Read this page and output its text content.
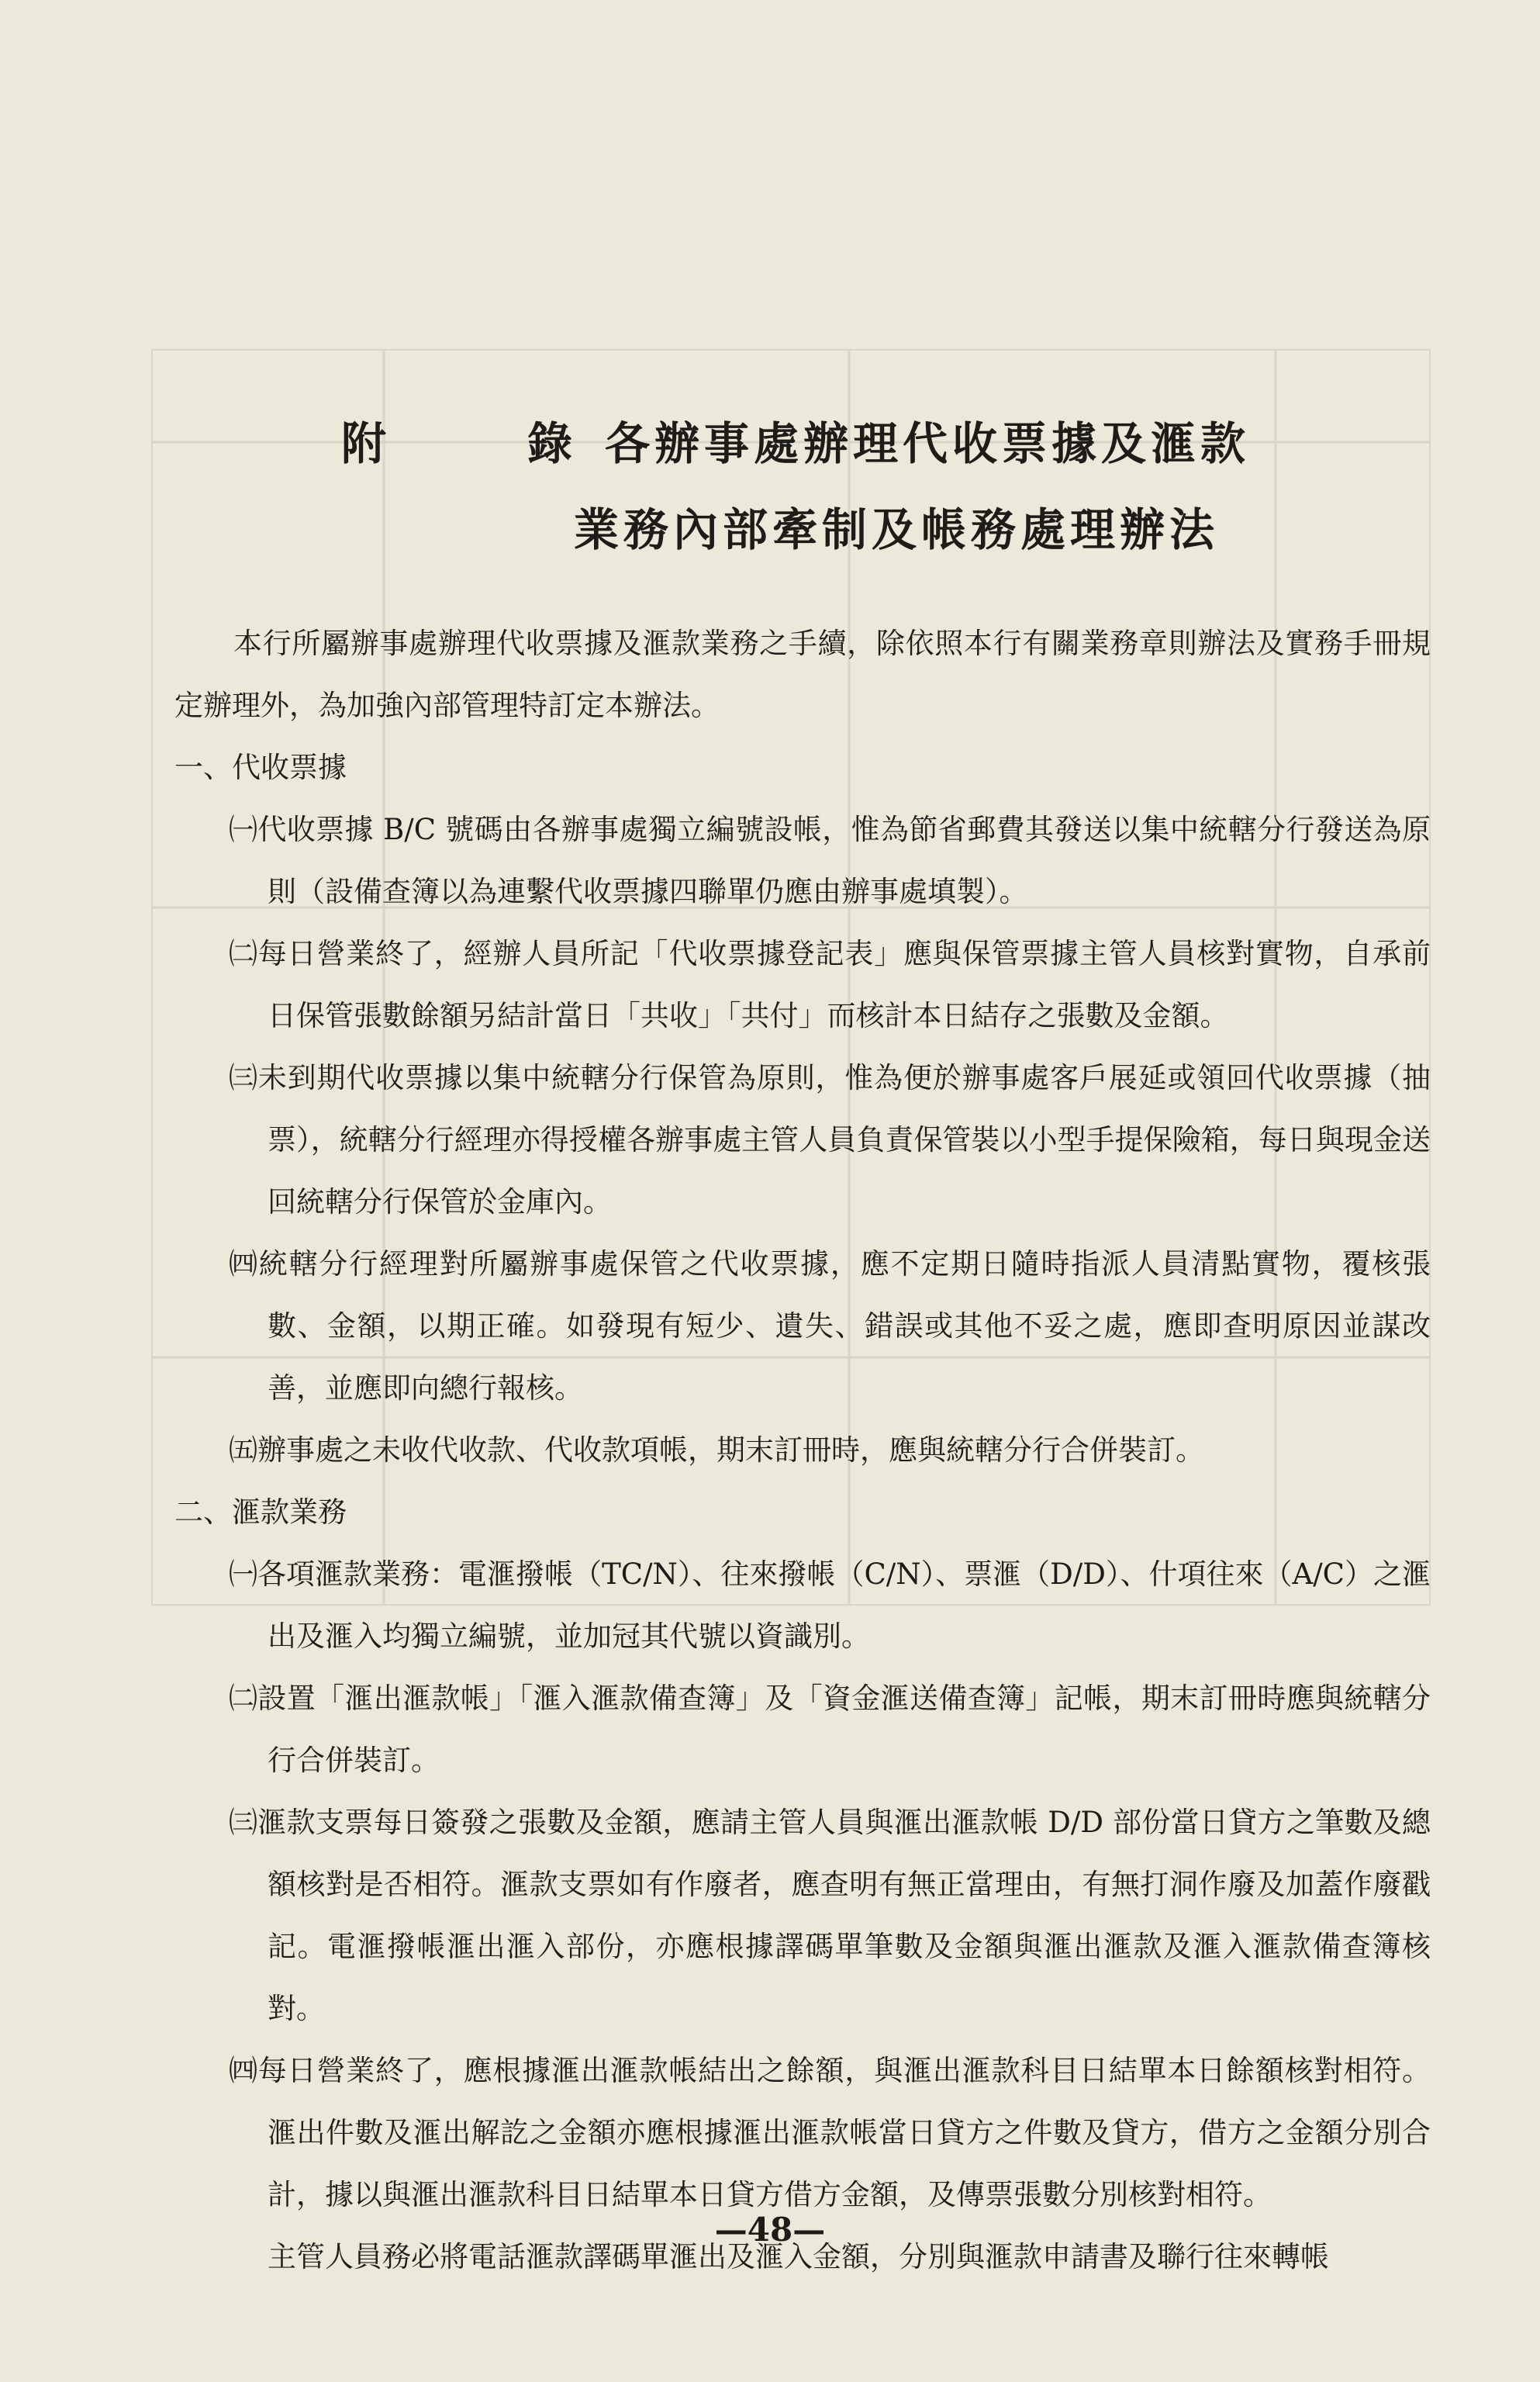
附	錄 各辦事處辦理代收票據及滙款
業務內部牽制及帳務處理辦法

本行所屬辦事處辦理代收票據及滙款業務之手續，除依照本行有關業務章則辦法及實務手冊規定辦理外，為加強內部管理特訂定本辦法。

一、代收票據

㈠代收票據 B/C 號碼由各辦事處獨立編號設帳，惟為節省郵費其發送以集中統轄分行發送為原則（設備查簿以為連繫代收票據四聯單仍應由辦事處填製）。

㈡每日營業終了，經辦人員所記「代收票據登記表」應與保管票據主管人員核對實物，自承前日保管張數餘額另結計當日「共收」「共付」而核計本日結存之張數及金額。

㈢未到期代收票據以集中統轄分行保管為原則，惟為便於辦事處客戶展延或領回代收票據（抽票），統轄分行經理亦得授權各辦事處主管人員負責保管裝以小型手提保險箱，每日與現金送回統轄分行保管於金庫內。

㈣統轄分行經理對所屬辦事處保管之代收票據，應不定期日隨時指派人員清點實物，覆核張數、金額，以期正確。如發現有短少、遺失、錯誤或其他不妥之處，應即查明原因並謀改善，並應即向總行報核。

㈤辦事處之未收代收款、代收款項帳，期末訂冊時，應與統轄分行合併裝訂。

二、滙款業務

㈠各項滙款業務：電滙撥帳（TC/N）、往來撥帳（C/N）、票滙（D/D）、什項往來（A/C）之滙出及滙入均獨立編號，並加冠其代號以資識別。

㈡設置「滙出滙款帳」「滙入滙款備查簿」及「資金滙送備查簿」記帳，期末訂冊時應與統轄分行合併裝訂。

㈢滙款支票每日簽發之張數及金額，應請主管人員與滙出滙款帳 D/D 部份當日貸方之筆數及總額核對是否相符。滙款支票如有作廢者，應查明有無正當理由，有無打洞作廢及加蓋作廢戳記。電滙撥帳滙出滙入部份，亦應根據譯碼單筆數及金額與滙出滙款及滙入滙款備查簿核對。

㈣每日營業終了，應根據滙出滙款帳結出之餘額，與滙出滙款科目日結單本日餘額核對相符。滙出件數及滙出解訖之金額亦應根據滙出滙款帳當日貸方之件數及貸方，借方之金額分別合計，據以與滙出滙款科目日結單本日貸方借方金額，及傳票張數分別核對相符。

主管人員務必將電話滙款譯碼單滙出及滙入金額，分別與滙款申請書及聯行往來轉帳

—48—
